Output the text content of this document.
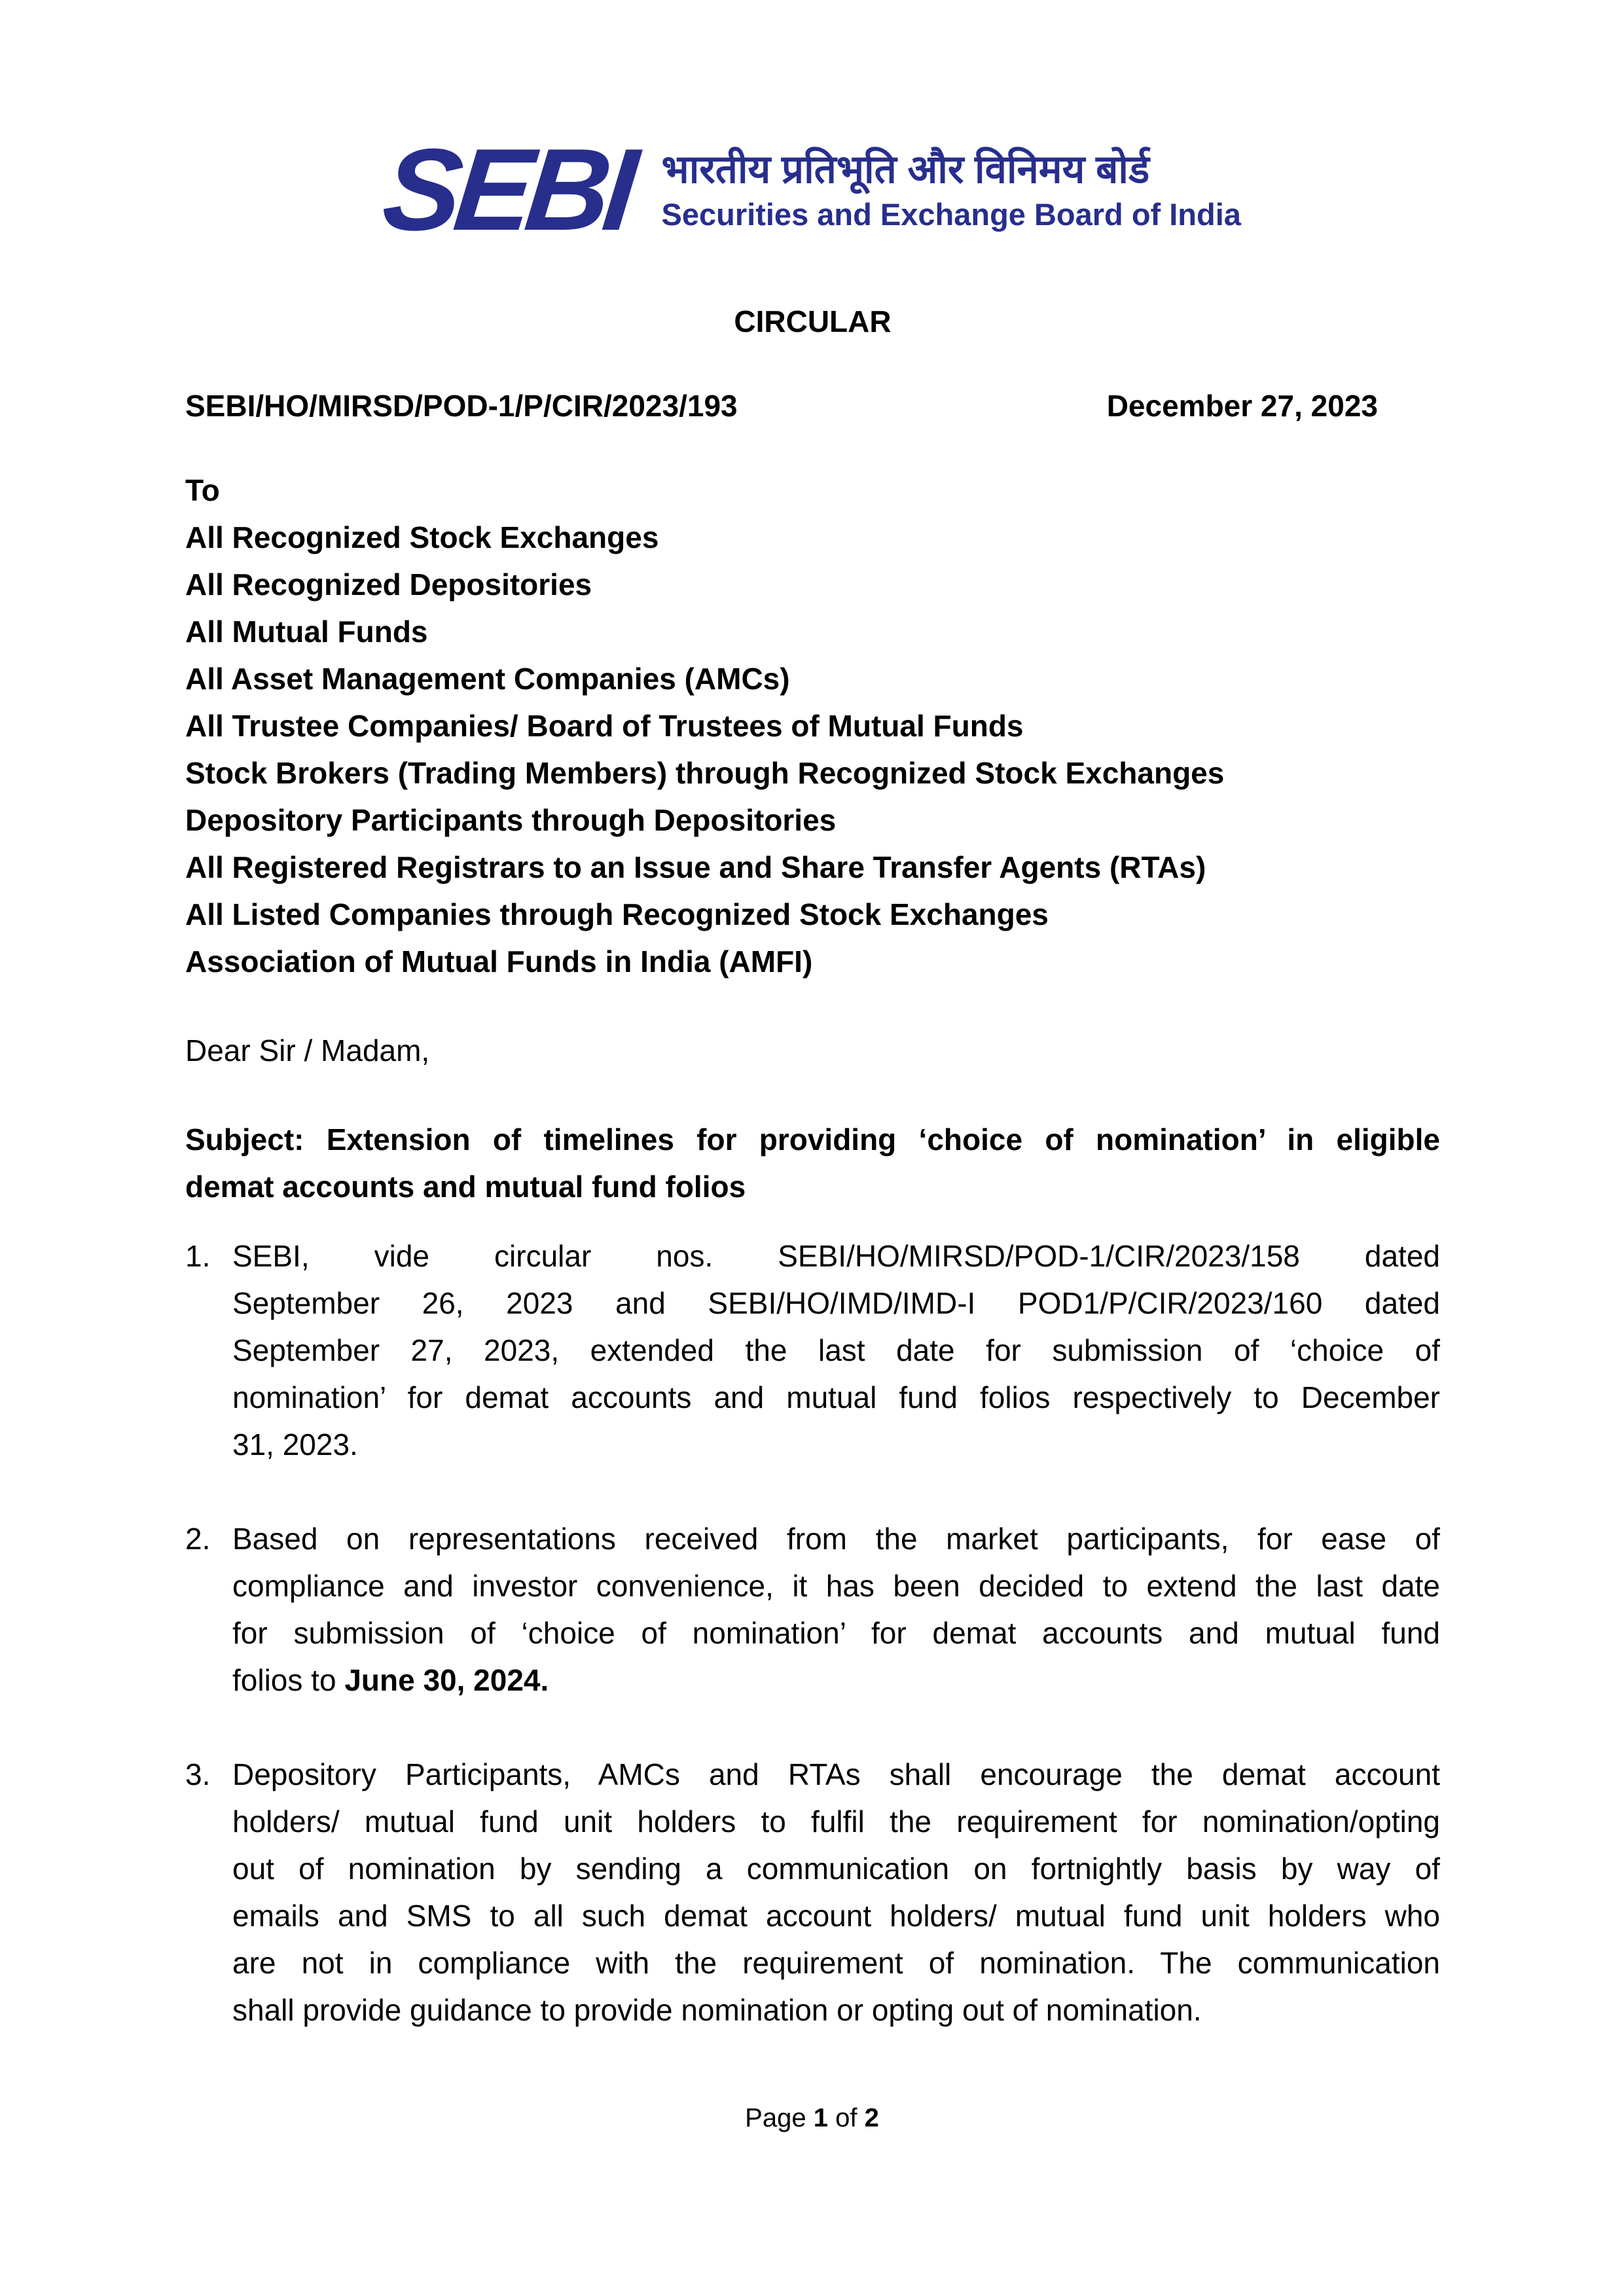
SEBI भारतीय प्रतिभूति और विनिमय बोर्ड
Securities and Exchange Board of India
CIRCULAR
SEBI/HO/MIRSD/POD-1/P/CIR/2023/193	December 27, 2023
To
All Recognized Stock Exchanges
All Recognized Depositories
All Mutual Funds
All Asset Management Companies (AMCs)
All Trustee Companies/ Board of Trustees of Mutual Funds
Stock Brokers (Trading Members) through Recognized Stock Exchanges
Depository Participants through Depositories
All Registered Registrars to an Issue and Share Transfer Agents (RTAs)
All Listed Companies through Recognized Stock Exchanges
Association of Mutual Funds in India (AMFI)
Dear Sir / Madam,
Subject: Extension of timelines for providing ‘choice of nomination’ in eligible
demat accounts and mutual fund folios
1. SEBI, vide circular nos. SEBI/HO/MIRSD/POD-1/CIR/2023/158 dated
September 26, 2023 and SEBI/HO/IMD/IMD-I POD1/P/CIR/2023/160 dated
September 27, 2023, extended the last date for submission of ‘choice of
nomination’ for demat accounts and mutual fund folios respectively to December
31, 2023.
2. Based on representations received from the market participants, for ease of
compliance and investor convenience, it has been decided to extend the last date
for submission of ‘choice of nomination’ for demat accounts and mutual fund
folios to June 30, 2024.
3. Depository Participants, AMCs and RTAs shall encourage the demat account
holders/ mutual fund unit holders to fulfil the requirement for nomination/opting
out of nomination by sending a communication on fortnightly basis by way of
emails and SMS to all such demat account holders/ mutual fund unit holders who
are not in compliance with the requirement of nomination. The communication
shall provide guidance to provide nomination or opting out of nomination.
Page 1 of 2
